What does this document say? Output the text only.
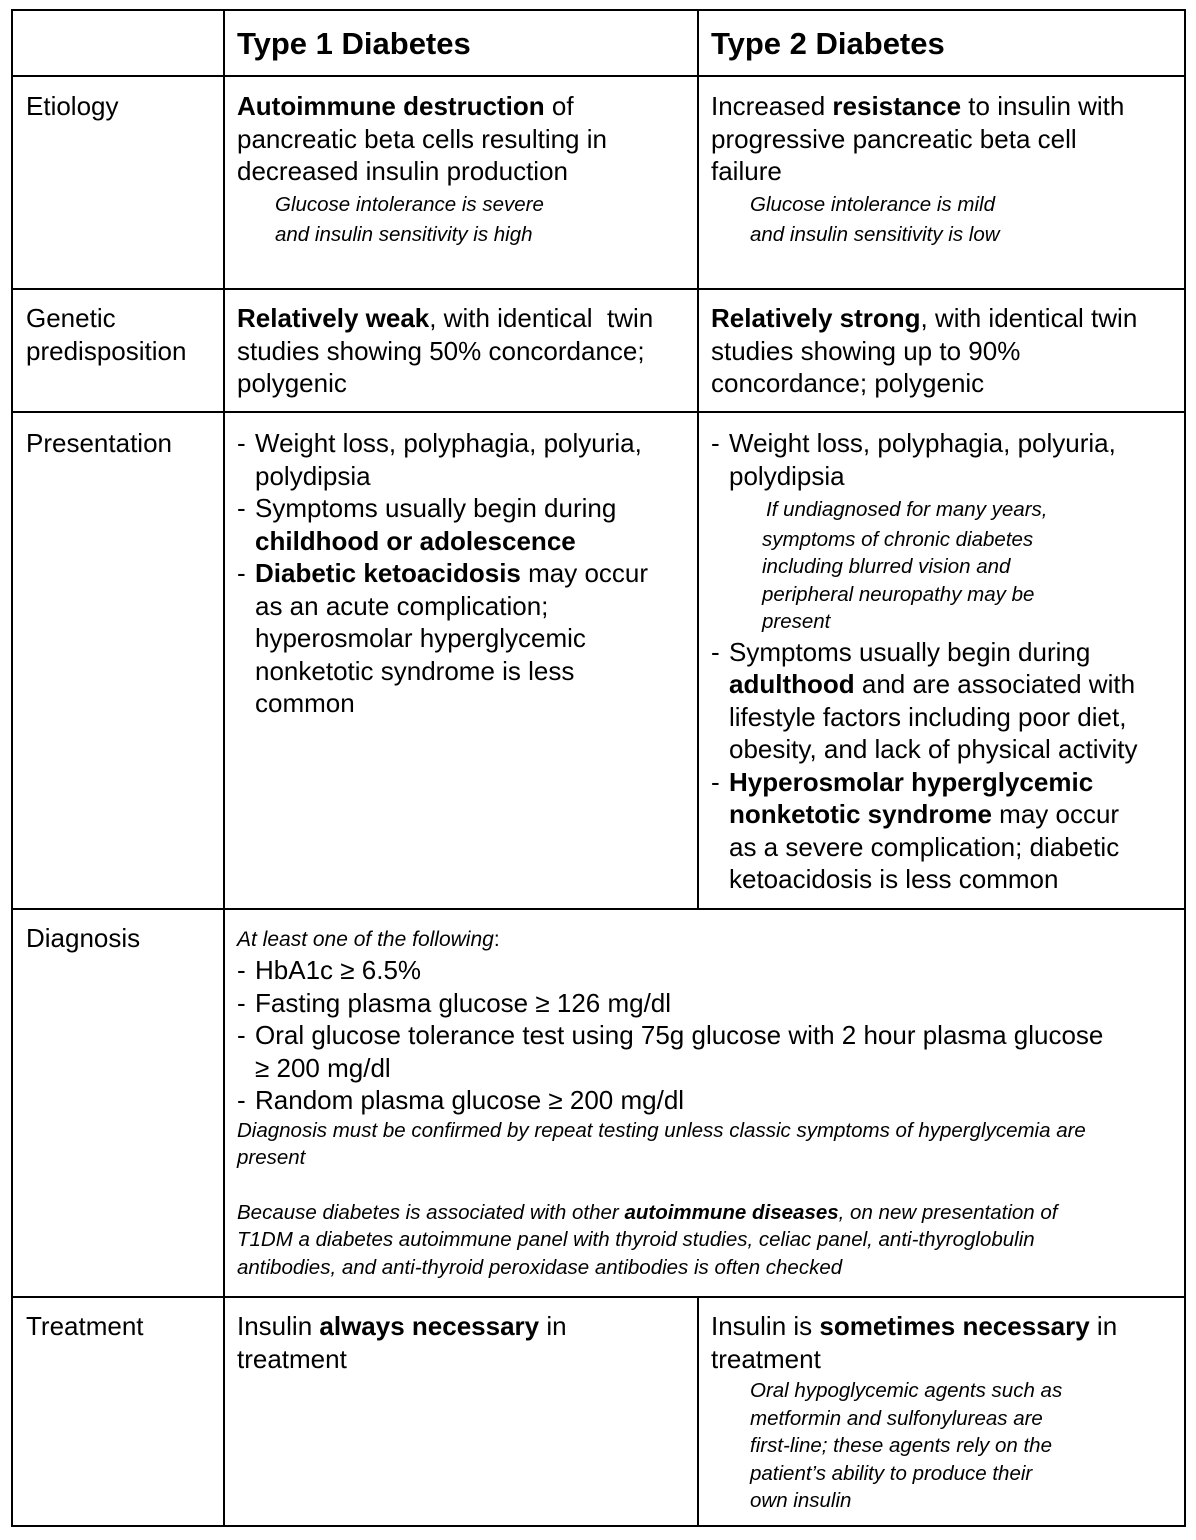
Type 1 Diabetes	Type 2 Diabetes
Etiology	Autoimmune destruction of
pancreatic beta cells resulting in
decreased insulin production
Glucose intolerance is severe
and insulin sensitivity is high
Increased resistance to insulin with
progressive pancreatic beta cell
failure
Glucose intolerance is mild
and insulin sensitivity is low
Genetic
predisposition
Relatively weak, with identical  twin
studies showing 50% concordance;
polygenic
Relatively strong, with identical twin
studies showing up to 90%
concordance; polygenic
Presentation
-	Weight loss, polyphagia, polyuria,
polydipsia
- Symptoms usually begin during
childhood or adolescence
- Diabetic ketoacidosis may occur
as an acute complication;
hyperosmolar hyperglycemic
nonketotic syndrome is less
common
- Weight loss, polyphagia, polyuria,
polydipsia
If undiagnosed for many years,
symptoms of chronic diabetes
including blurred vision and
peripheral neuropathy may be
present
- Symptoms usually begin during
adulthood and are associated with
lifestyle factors including poor diet,
obesity, and lack of physical activity
- Hyperosmolar hyperglycemic
nonketotic syndrome may occur
as a severe complication; diabetic
ketoacidosis is less common
Diagnosis	At least one of the following:
- HbA1c ≥ 6.5%
- Fasting plasma glucose ≥ 126 mg/dl
- Oral glucose tolerance test using 75g glucose with 2 hour plasma glucose
≥ 200 mg/dl
- Random plasma glucose ≥ 200 mg/dl
Diagnosis must be confirmed by repeat testing unless classic symptoms of hyperglycemia are
present
Because diabetes is associated with other autoimmune diseases, on new presentation of
T1DM a diabetes autoimmune panel with thyroid studies, celiac panel, anti-thyroglobulin
antibodies, and anti-thyroid peroxidase antibodies is often checked
Treatment	Insulin always necessary in
treatment
Insulin is sometimes necessary in
treatment
Oral hypoglycemic agents such as
metformin and sulfonylureas are
first-line; these agents rely on the
patient’s ability to produce their
own insulin
